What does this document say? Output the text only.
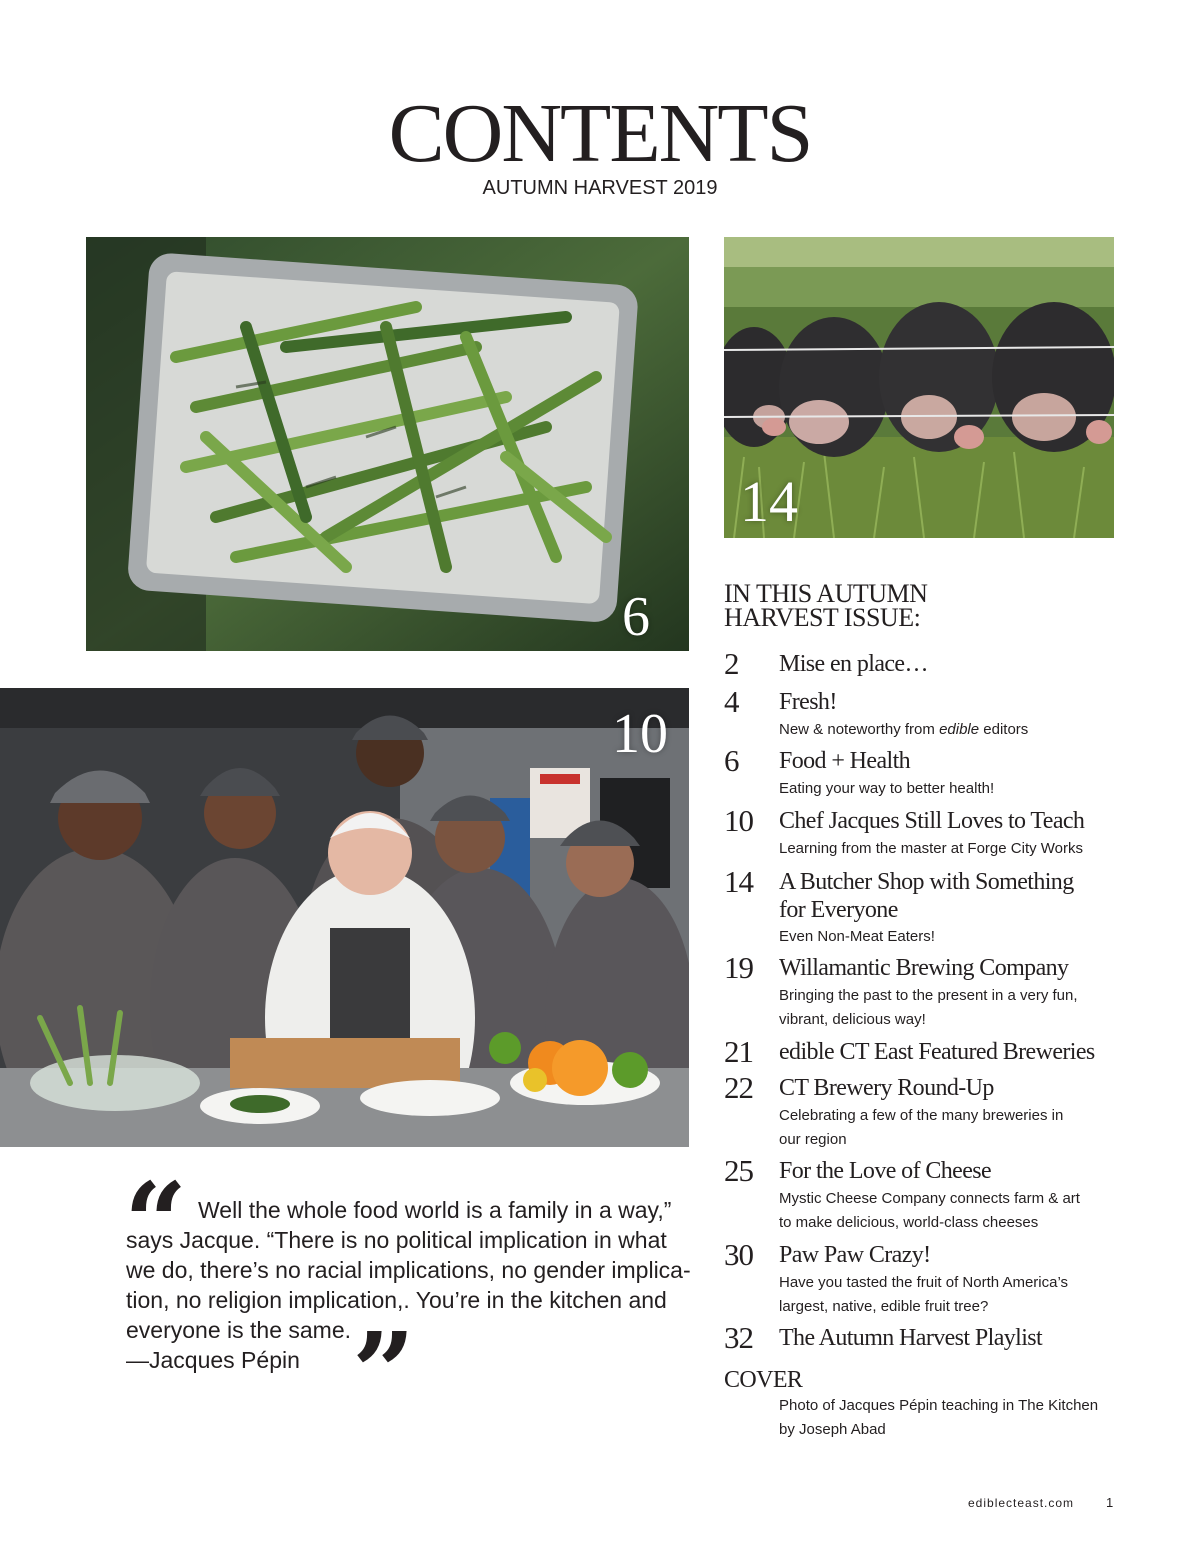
CONTENTS
AUTUMN HARVEST 2019
6
14
10
IN THIS AUTUMN
HARVEST ISSUE:
2 Mise en place…
4 Fresh!
New & noteworthy from edible editors
6 Food + Health
Eating your way to better health!
10 Chef Jacques Still Loves to Teach
Learning from the master at Forge City Works
14 A Butcher Shop with Something
for Everyone
Even Non-Meat Eaters!
19 Willamantic Brewing Company
Bringing the past to the present in a very fun,
vibrant, delicious way!
21 edible CT East Featured Breweries
22 CT Brewery Round-Up
Celebrating a few of the many breweries in
our region
25 For the Love of Cheese
Mystic Cheese Company connects farm & art
to make delicious, world-class cheeses
30 Paw Paw Crazy!
Have you tasted the fruit of North America’s
largest, native, edible fruit tree?
32 The Autumn Harvest Playlist
COVER
Photo of Jacques Pépin teaching in The Kitchen
by Joseph Abad
“ Well the whole food world is a family in a way,”
says Jacque. “There is no political implication in what
we do, there’s no racial implications, no gender implica-
tion, no religion implication,. You’re in the kitchen and
everyone is the same.
—Jacques Pépin ”
ediblecteast.com 1
